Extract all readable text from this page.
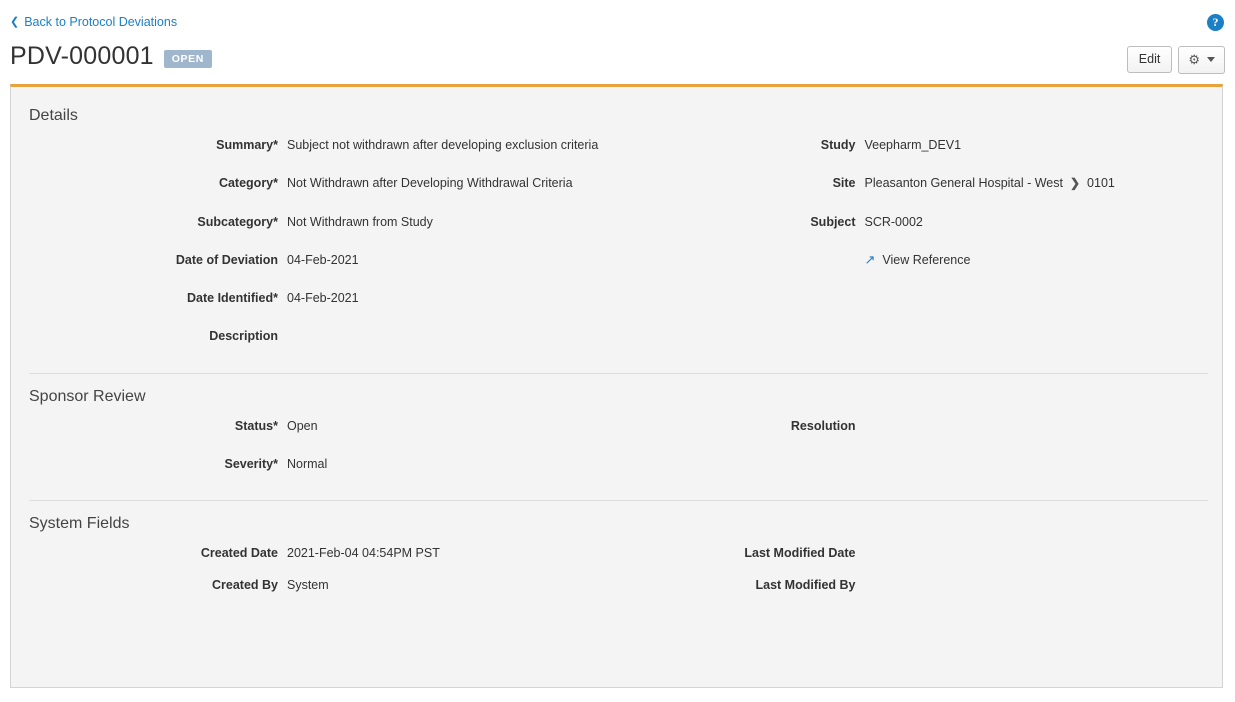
❮ Back to Protocol Deviations	?
PDV-000001	OPEN	Edit	⚙
Details
Summary* Subject not withdrawn after developing exclusion criteria
Category* Not Withdrawn after Developing Withdrawal Criteria
Subcategory* Not Withdrawn from Study
Date of Deviation 04-Feb-2021
Date Identified* 04-Feb-2021
Description
Study Veepharm_DEV1
Site Pleasanton General Hospital - West ❯ 0101
Subject SCR-0002
↗ View Reference
Sponsor Review
Status* Open
Severity* Normal
Resolution
System Fields
Created Date 2021-Feb-04 04:54PM PST
Created By System
Last Modified Date
Last Modified By
